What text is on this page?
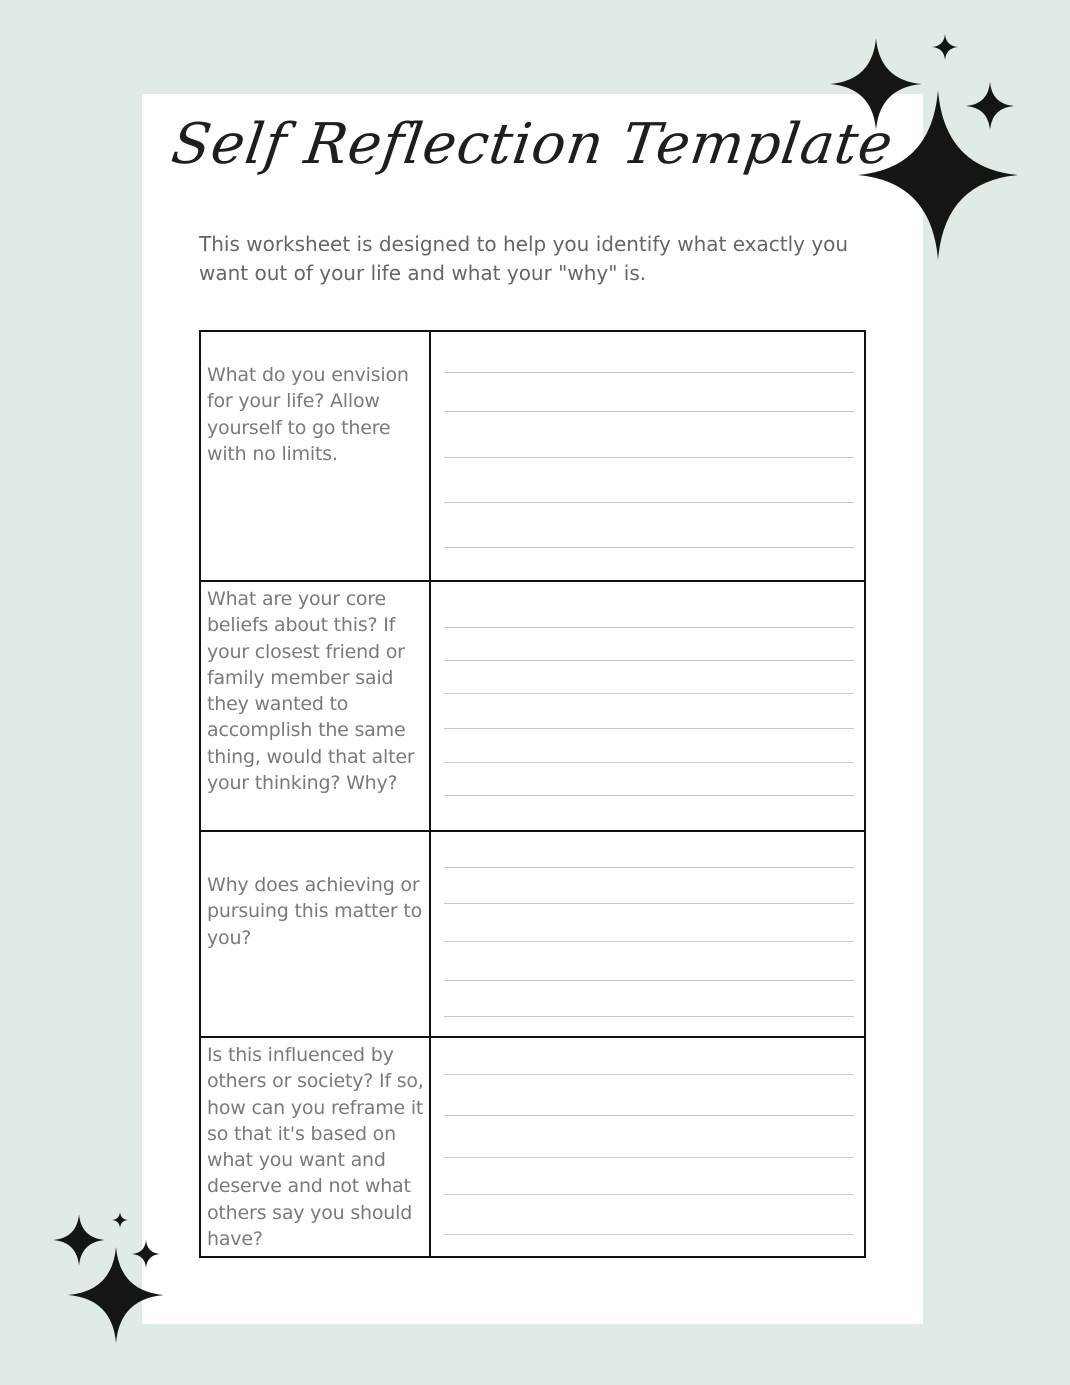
Self Reflection Template

This worksheet is designed to help you identify what exactly you want out of your life and what your "why" is.

What do you envision for your life? Allow yourself to go there with no limits.
What are your core beliefs about this? If your closest friend or family member said they wanted to accomplish the same thing, would that alter your thinking? Why?
Why does achieving or pursuing this matter to you?
Is this influenced by others or society? If so, how can you reframe it so that it's based on what you want and deserve and not what others say you should have?
